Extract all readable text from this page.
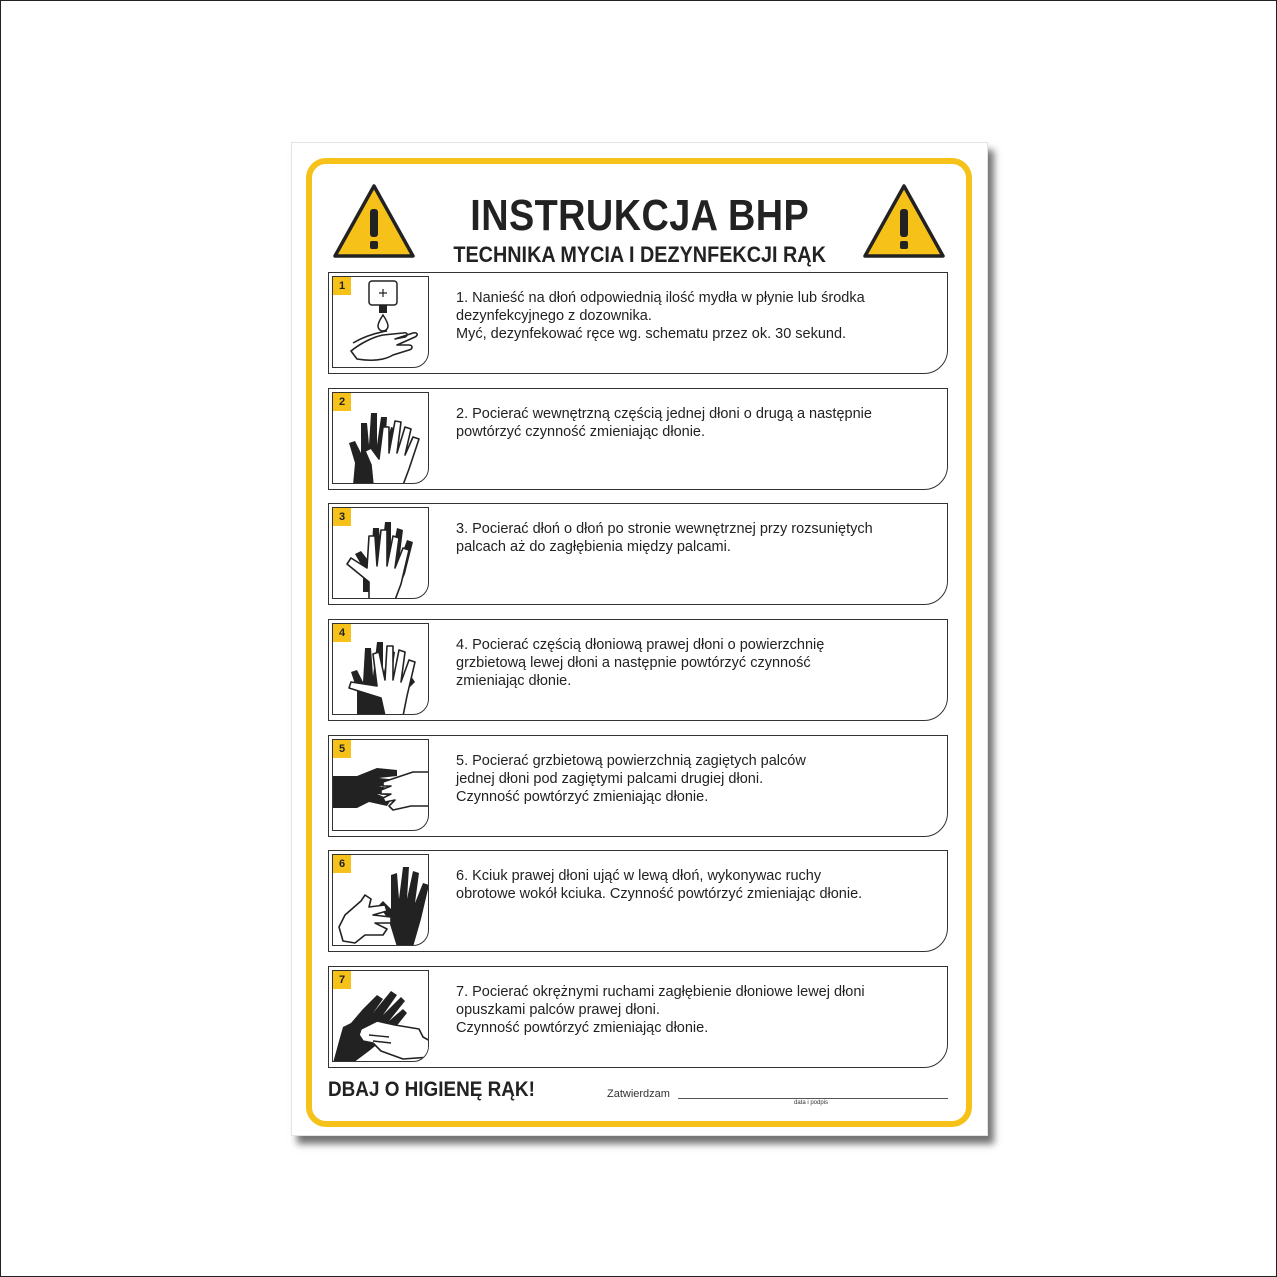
INSTRUKCJA BHP
TECHNIKA MYCIA I DEZYNFEKCJI RĄK
1
1. Nanieść na dłoń odpowiednią ilość mydła w płynie lub środka
dezynfekcyjnego z dozownika.
Myć, dezynfekować ręce wg. schematu przez ok. 30 sekund.
2
2. Pocierać wewnętrzną częścią jednej dłoni o drugą a następnie
powtórzyć czynność zmieniając dłonie.
3
3. Pocierać dłoń o dłoń po stronie wewnętrznej przy rozsuniętych
palcach aż do zagłębienia między palcami.
4
4. Pocierać częścią dłoniową prawej dłoni o powierzchnię
grzbietową lewej dłoni a następnie powtórzyć czynność
zmieniając dłonie.
5
5. Pocierać grzbietową powierzchnią zagiętych palców
jednej dłoni pod zagiętymi palcami drugiej dłoni.
Czynność powtórzyć zmieniając dłonie.
6
6. Kciuk prawej dłoni ująć w lewą dłoń, wykonywac ruchy
obrotowe wokół kciuka. Czynność powtórzyć zmieniając dłonie.
7
7. Pocierać okrężnymi ruchami zagłębienie dłoniowe lewej dłoni
opuszkami palców prawej dłoni.
Czynność powtórzyć zmieniając dłonie.
DBAJ O HIGIENĘ RĄK!	Zatwierdzam
data i podpis
